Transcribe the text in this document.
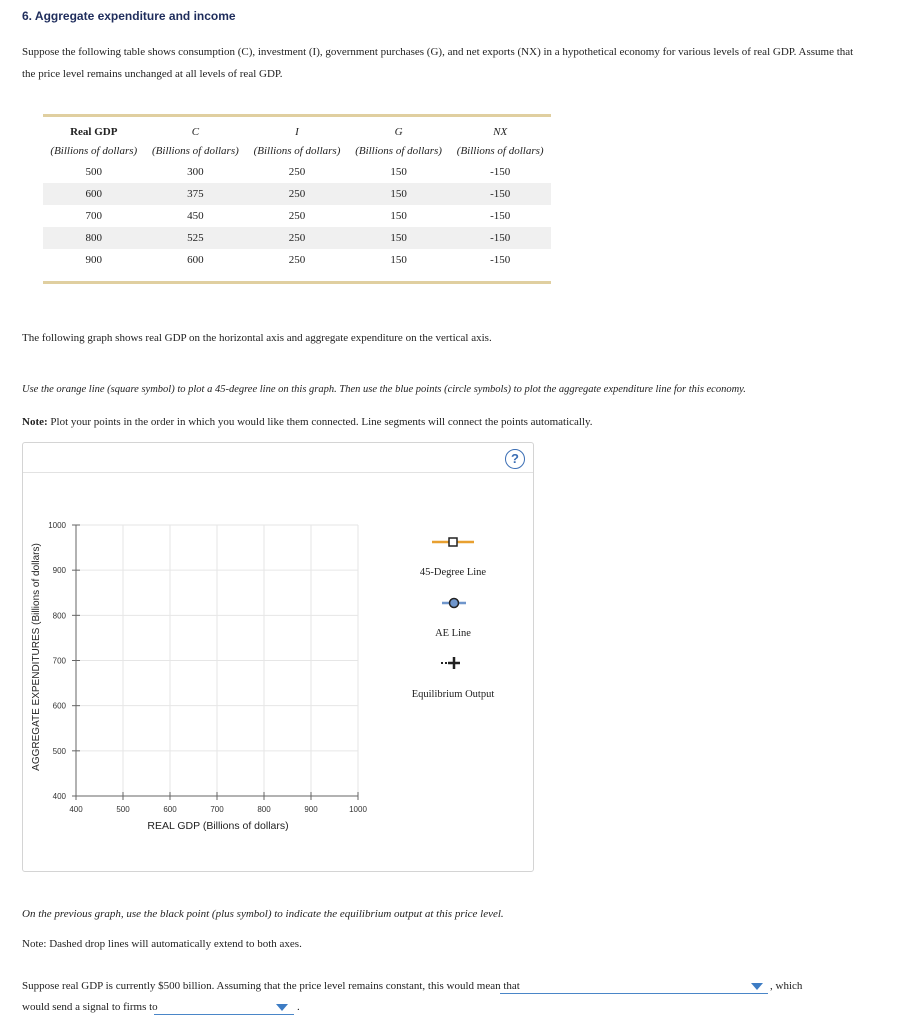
6. Aggregate expenditure and income
Suppose the following table shows consumption (C), investment (I), government purchases (G), and net exports (NX) in a hypothetical economy for various levels of real GDP. Assume that
the price level remains unchanged at all levels of real GDP.
Real GDP	C	I	G	NX
(Billions of dollars)	(Billions of dollars)	(Billions of dollars)	(Billions of dollars)	(Billions of dollars)
500	300	250	150	-150
600	375	250	150	-150
700	450	250	150	-150
800	525	250	150	-150
900	600	250	150	-150
The following graph shows real GDP on the horizontal axis and aggregate expenditure on the vertical axis.
Use the orange line (square symbol) to plot a 45-degree line on this graph. Then use the blue points (circle symbols) to plot the aggregate expenditure line for this economy.
Note: Plot your points in the order in which you would like them connected. Line segments will connect the points automatically.
?
400
500
600
700
800
900
1000
400	500	600	700	800	900	1000
REAL GDP (Billions of dollars)
AGGREGATE EXPENDITURES (Billions of dollars)	45-Degree Line
AE Line
Equilibrium Output
On the previous graph, use the black point (plus symbol) to indicate the equilibrium output at this price level.
Note: Dashed drop lines will automatically extend to both axes.
Suppose real GDP is currently $500 billion. Assuming that the price level remains constant, this would mean that	, which
would send a signal to firms to	.
